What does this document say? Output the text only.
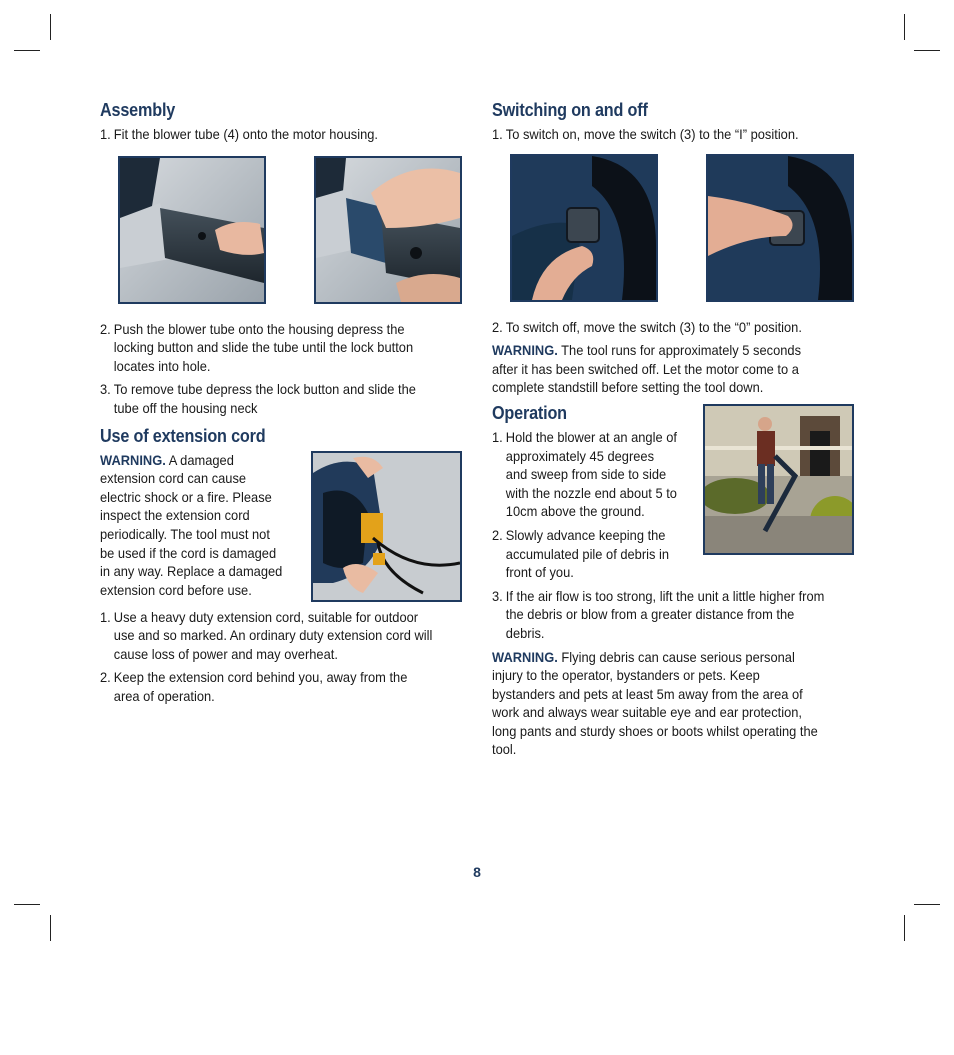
Assembly
1. Fit the blower tube (4) onto the motor housing.
2. Push the blower tube onto the housing depress the locking button and slide the tube until the lock button locates into hole.
3. To remove tube depress the lock button and slide the tube off the housing neck
Use of extension cord

WARNING. A damaged extension cord can cause electric shock or a fire. Please inspect the extension cord periodically. The tool must not be used if the cord is damaged in any way. Replace a damaged extension cord before use.

1. Use a heavy duty extension cord, suitable for outdoor use and so marked. An ordinary duty extension cord will cause loss of power and may overheat.
2. Keep the extension cord behind you, away from the area of operation.
Switching on and off
1. To switch on, move the switch (3) to the “I” position.
2. To switch off, move the switch (3) to the “0” position.

WARNING. The tool runs for approximately 5 seconds after it has been switched off. Let the motor come to a complete standstill before setting the tool down.

Operation
1. Hold the blower at an angle of approximately 45 degrees and sweep from side to side with the nozzle end about 5 to 10cm above the ground.
2. Slowly advance keeping the accumulated pile of debris in front of you.
3. If the air flow is too strong, lift the unit a little higher from the debris or blow from a greater distance from the debris.

WARNING. Flying debris can cause serious personal injury to the operator, bystanders or pets. Keep bystanders and pets at least 5m away from the area of work and always wear suitable eye and ear protection, long pants and sturdy shoes or boots whilst operating the tool.

8
